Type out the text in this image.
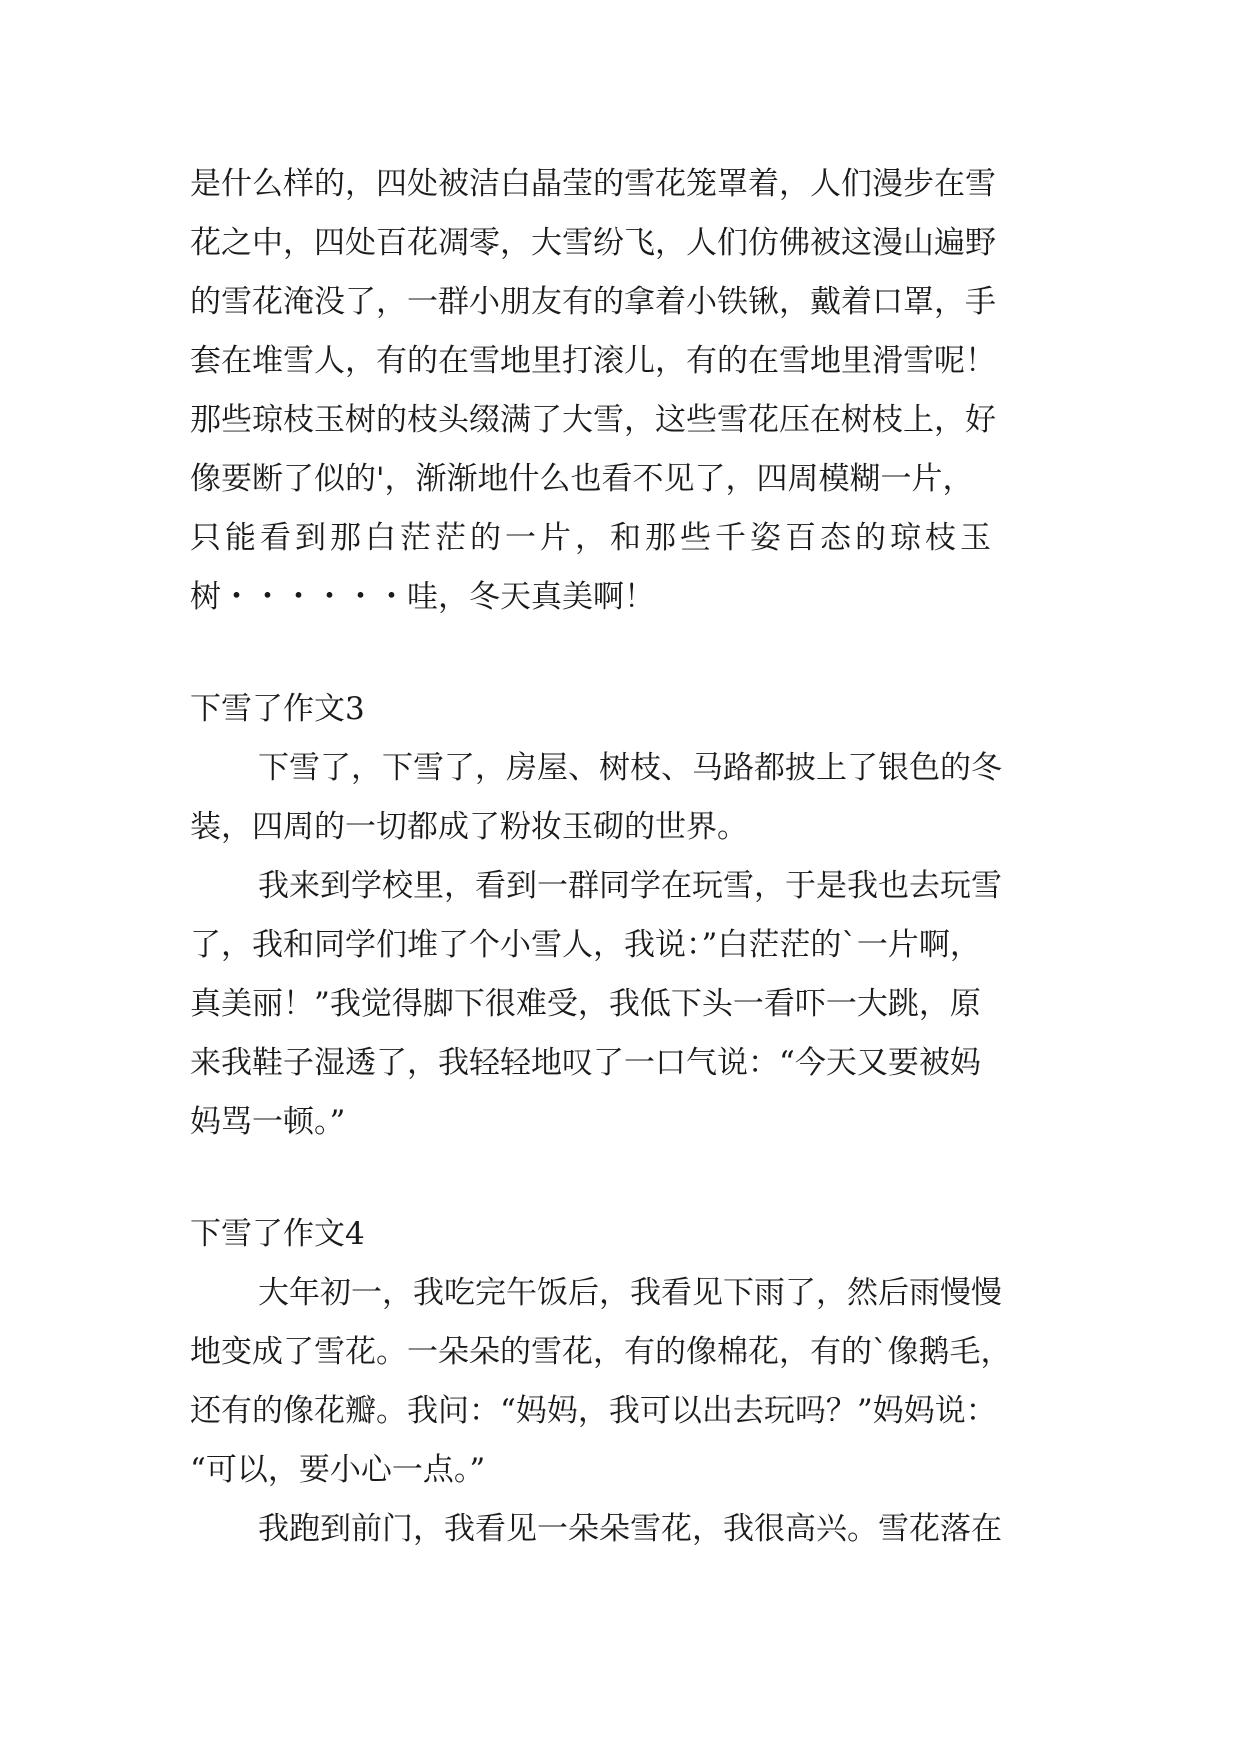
是什么样的，四处被洁白晶莹的雪花笼罩着，人们漫步在雪
花之中，四处百花凋零，大雪纷飞，人们仿佛被这漫山遍野
的雪花淹没了，一群小朋友有的拿着小铁锹，戴着口罩，手
套在堆雪人，有的在雪地里打滚儿，有的在雪地里滑雪呢！
那些琼枝玉树的枝头缀满了大雪，这些雪花压在树枝上，好
像要断了似的'，渐渐地什么也看不见了，四周模糊一片，
只能看到那白茫茫的一片，和那些千姿百态的琼枝玉
树・・・・・・哇，冬天真美啊！
下雪了作文3
下雪了，下雪了，房屋、树枝、马路都披上了银色的冬
装，四周的一切都成了粉妆玉砌的世界。
我来到学校里，看到一群同学在玩雪，于是我也去玩雪
了，我和同学们堆了个小雪人，我说：”白茫茫的`一片啊，
真美丽！”我觉得脚下很难受，我低下头一看吓一大跳，原
来我鞋子湿透了，我轻轻地叹了一口气说：“今天又要被妈
妈骂一顿。”
下雪了作文4
大年初一，我吃完午饭后，我看见下雨了，然后雨慢慢
地变成了雪花。一朵朵的雪花，有的像棉花，有的`像鹅毛，
还有的像花瓣。我问：“妈妈，我可以出去玩吗？”妈妈说：
“可以，要小心一点。”
我跑到前门，我看见一朵朵雪花，我很高兴。雪花落在
